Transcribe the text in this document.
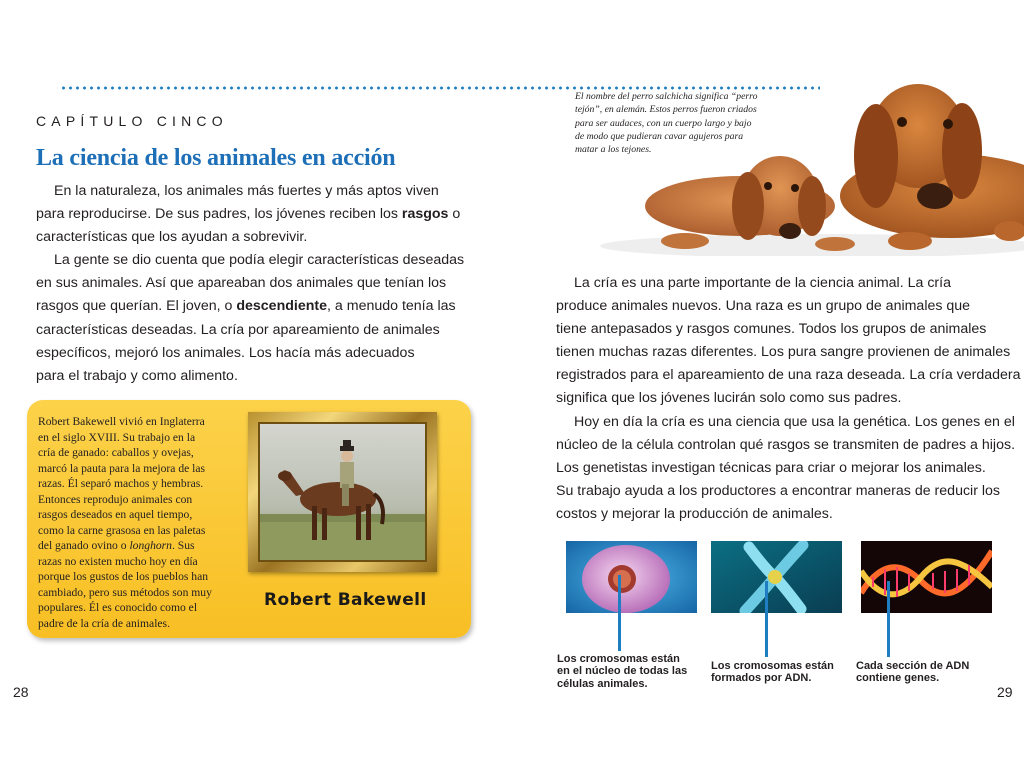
CAPÍTULO CINCO
La ciencia de los animales en acción
En la naturaleza, los animales más fuertes y más aptos viven
para reproducirse. De sus padres, los jóvenes reciben los rasgos o
características que los ayudan a sobrevivir.
La gente se dio cuenta que podía elegir características deseadas
en sus animales. Así que apareaban dos animales que tenían los
rasgos que querían. El joven, o descendiente, a menudo tenía las
características deseadas. La cría por apareamiento de animales
específicos, mejoró los animales. Los hacía más adecuados
para el trabajo y como alimento.
Robert Bakewell vivió en Inglaterra
en el siglo XVIII. Su trabajo en la
cría de ganado: caballos y ovejas,
marcó la pauta para la mejora de las
razas. Él separó machos y hembras.
Entonces reprodujo animales con
rasgos deseados en aquel tiempo,
como la carne grasosa en las paletas
del ganado ovino o longhorn. Sus
razas no existen mucho hoy en día
porque los gustos de los pueblos han
cambiado, pero sus métodos son muy
populares. Él es conocido como el
padre de la cría de animales.
Robert Bakewell
El nombre del perro salchicha significa “perro
tejón”, en alemán. Estos perros fueron criados
para ser audaces, con un cuerpo largo y bajo
de modo que pudieran cavar agujeros para
matar a los tejones.
La cría es una parte importante de la ciencia animal. La cría
produce animales nuevos. Una raza es un grupo de animales que
tiene antepasados y rasgos comunes. Todos los grupos de animales
tienen muchas razas diferentes. Los pura sangre provienen de animales
registrados para el apareamiento de una raza deseada. La cría verdadera
significa que los jóvenes lucirán solo como sus padres.
Hoy en día la cría es una ciencia que usa la genética. Los genes en el
núcleo de la célula controlan qué rasgos se transmiten de padres a hijos.
Los genetistas investigan técnicas para criar o mejorar los animales.
Su trabajo ayuda a los productores a encontrar maneras de reducir los
costos y mejorar la producción de animales.
Los cromosomas están
en el núcleo de todas las
células animales.
Los cromosomas están
formados por ADN.
Cada sección de ADN
contiene genes.
28	29
